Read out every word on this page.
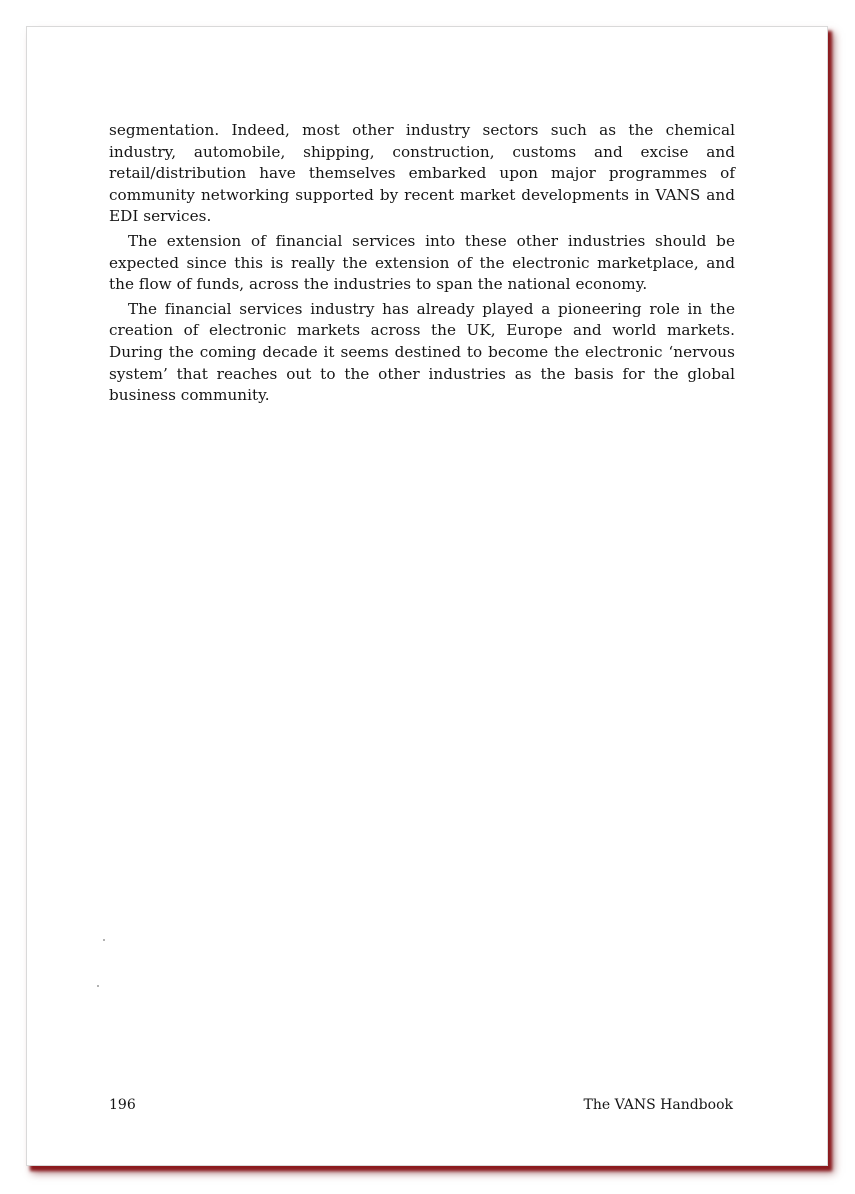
segmentation. Indeed, most other industry sectors such as the chemical industry, automobile, shipping, construction, customs and excise and retail/distribution have themselves embarked upon major programmes of community networking supported by recent market developments in VANS and EDI services.

The extension of financial services into these other industries should be expected since this is really the extension of the electronic marketplace, and the flow of funds, across the industries to span the national economy.

The financial services industry has already played a pioneering role in the creation of electronic markets across the UK, Europe and world markets. During the coming decade it seems destined to become the electronic ‘nervous system’ that reaches out to the other industries as the basis for the global business community.

196	The VANS Handbook
